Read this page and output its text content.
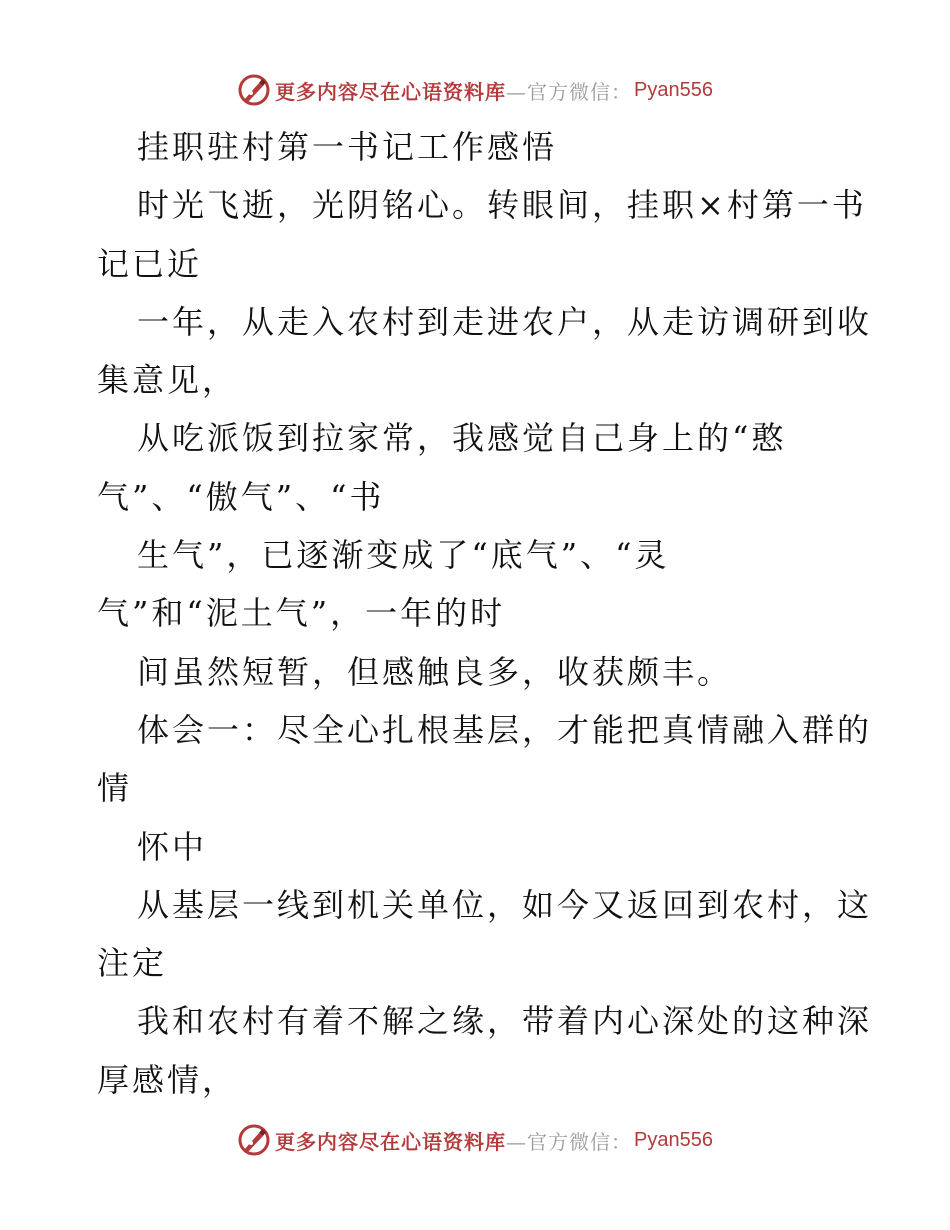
更多内容尽在心语资料库 —官方微信： Pyan556
挂职驻村第一书记工作感悟
时光飞逝，光阴铭心。转眼间，挂职×村第一书
记已近
一年，从走入农村到走进农户，从走访调研到收
集意见，
从吃派饭到拉家常，我感觉自己身上的“憨
气”、“傲气”、“书
生气”，已逐渐变成了“底气”、“灵
气”和“泥土气”，一年的时
间虽然短暂，但感触良多，收获颇丰。
体会一：尽全心扎根基层，才能把真情融入群的
情
怀中
从基层一线到机关单位，如今又返回到农村，这
注定
我和农村有着不解之缘，带着内心深处的这种深
厚感情，
更多内容尽在心语资料库 —官方微信： Pyan556
